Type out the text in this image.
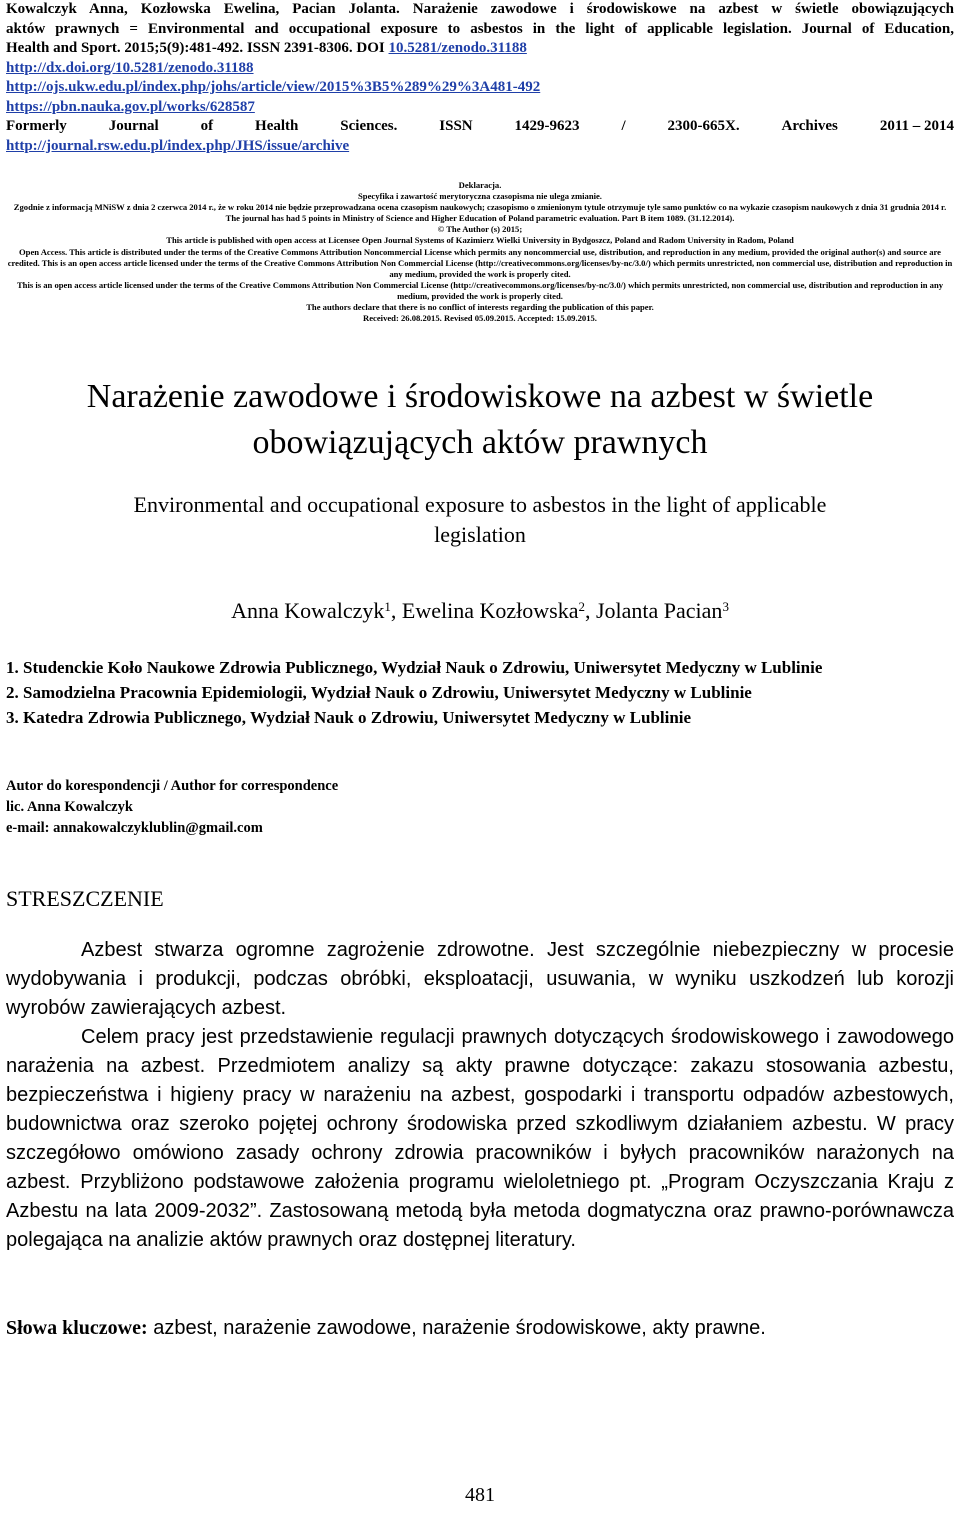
Kowalczyk Anna, Kozłowska Ewelina, Pacian Jolanta. Narażenie zawodowe i środowiskowe na azbest w świetle obowiązujących
aktów prawnych = Environmental and occupational exposure to asbestos in the light of applicable legislation. Journal of Education,
Health and Sport. 2015;5(9):481-492. ISSN 2391-8306. DOI 10.5281/zenodo.31188
http://dx.doi.org/10.5281/zenodo.31188
http://ojs.ukw.edu.pl/index.php/johs/article/view/2015%3B5%289%29%3A481-492
https://pbn.nauka.gov.pl/works/628587
Formerly	Journal	of	Health	Sciences.	ISSN	1429-9623	/	2300-665X.	Archives	2011 – 2014
http://journal.rsw.edu.pl/index.php/JHS/issue/archive
Deklaracja.
Specyfika i zawartość merytoryczna czasopisma nie ulega zmianie.
Zgodnie z informacją MNiSW z dnia 2 czerwca 2014 r., że w roku 2014 nie będzie przeprowadzana ocena czasopism naukowych; czasopismo o zmienionym tytule otrzymuje tyle samo punktów co na wykazie czasopism naukowych z dnia 31 grudnia 2014 r.
The journal has had 5 points in Ministry of Science and Higher Education of Poland parametric evaluation. Part B item 1089. (31.12.2014).
© The Author (s) 2015;
This article is published with open access at Licensee Open Journal Systems of Kazimierz Wielki University in Bydgoszcz, Poland and Radom University in Radom, Poland
Open Access. This article is distributed under the terms of the Creative Commons Attribution Noncommercial License which permits any noncommercial use, distribution, and reproduction in any medium, provided the original author(s) and source are credited. This is an open access article licensed under the terms of the Creative Commons Attribution Non Commercial License (http://creativecommons.org/licenses/by-nc/3.0/) which permits unrestricted, non commercial use, distribution and reproduction in any medium, provided the work is properly cited.
This is an open access article licensed under the terms of the Creative Commons Attribution Non Commercial License (http://creativecommons.org/licenses/by-nc/3.0/) which permits unrestricted, non commercial use, distribution and reproduction in any medium, provided the work is properly cited.
The authors declare that there is no conflict of interests regarding the publication of this paper.
Received: 26.08.2015. Revised 05.09.2015. Accepted: 15.09.2015.
Narażenie zawodowe i środowiskowe na azbest w świetle
obowiązujących aktów prawnych
Environmental and occupational exposure to asbestos in the light of applicable
legislation
Anna Kowalczyk$^1$, Ewelina Kozłowska$^2$, Jolanta Pacian$^3$
1. Studenckie Koło Naukowe Zdrowia Publicznego, Wydział Nauk o Zdrowiu, Uniwersytet Medyczny w Lublinie
2. Samodzielna Pracownia Epidemiologii, Wydział Nauk o Zdrowiu, Uniwersytet Medyczny w Lublinie
3. Katedra Zdrowia Publicznego, Wydział Nauk o Zdrowiu, Uniwersytet Medyczny w Lublinie
Autor do korespondencji / Author for correspondence
lic. Anna Kowalczyk
e-mail: annakowalczyklublin@gmail.com
STRESZCZENIE

Azbest stwarza ogromne zagrożenie zdrowotne. Jest szczególnie niebezpieczny w procesie wydobywania i produkcji, podczas obróbki, eksploatacji, usuwania, w wyniku uszkodzeń lub korozji wyrobów zawierających azbest.

Celem pracy jest przedstawienie regulacji prawnych dotyczących środowiskowego i zawodowego narażenia na azbest. Przedmiotem analizy są akty prawne dotyczące: zakazu stosowania azbestu, bezpieczeństwa i higieny pracy w narażeniu na azbest, gospodarki i transportu odpadów azbestowych, budownictwa oraz szeroko pojętej ochrony środowiska przed szkodliwym działaniem azbestu. W pracy szczegółowo omówiono zasady ochrony zdrowia pracowników i byłych pracowników narażonych na azbest. Przybliżono podstawowe założenia programu wieloletniego pt. „Program Oczyszczania Kraju z Azbestu na lata 2009-2032”. Zastosowaną metodą była metoda dogmatyczna oraz prawno-porównawcza polegająca na analizie aktów prawnych oraz dostępnej literatury.

Słowa kluczowe: azbest, narażenie zawodowe, narażenie środowiskowe, akty prawne.
481
